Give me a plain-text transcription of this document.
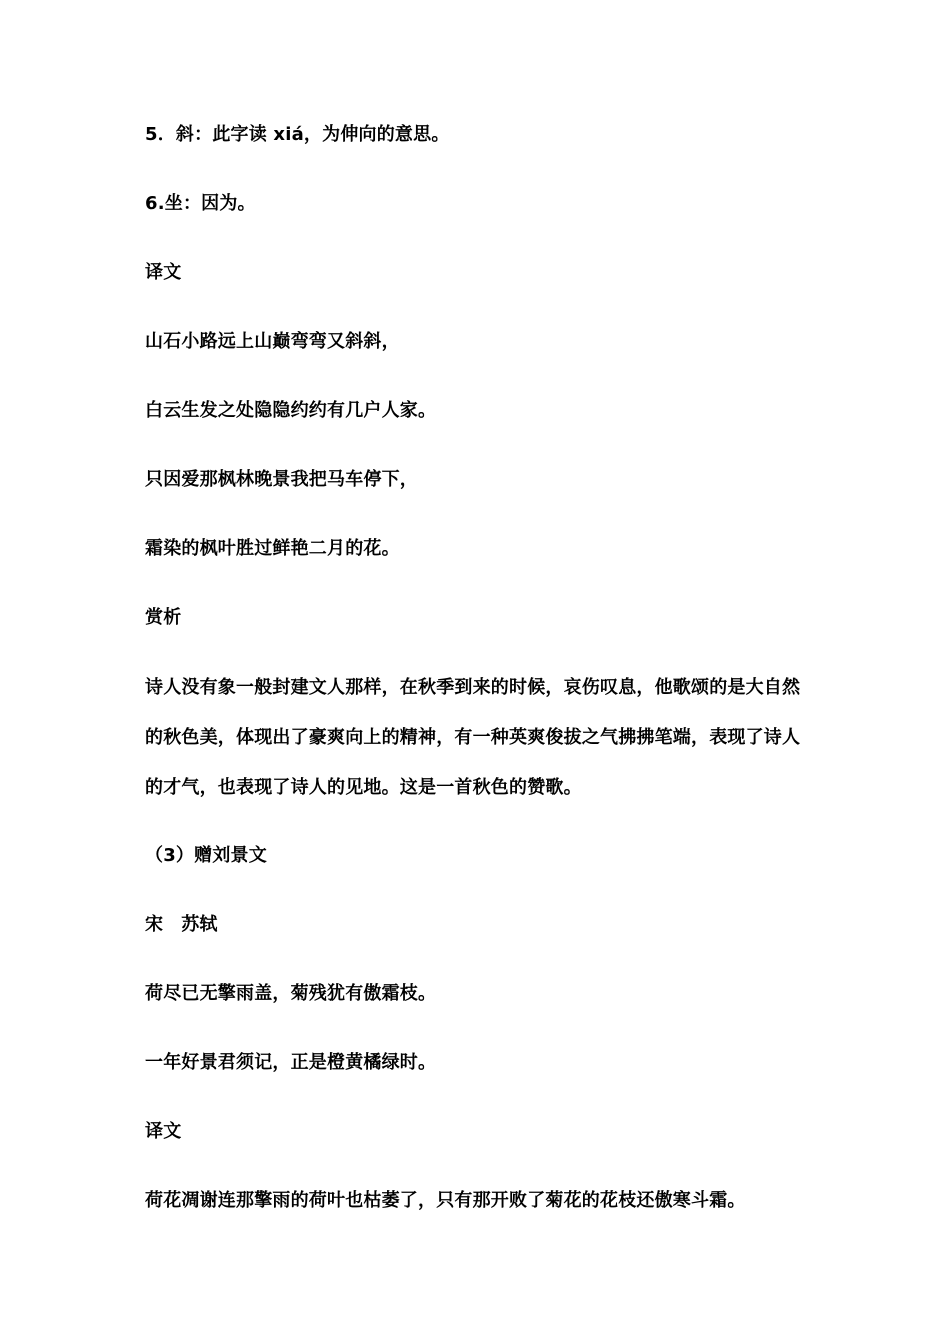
5．斜：此字读 xiá，为伸向的意思。
6.坐：因为。
译文
山石小路远上山巅弯弯又斜斜，
白云生发之处隐隐约约有几户人家。
只因爱那枫林晚景我把马车停下，
霜染的枫叶胜过鲜艳二月的花。
赏析
诗人没有象一般封建文人那样，在秋季到来的时候，哀伤叹息，他歌颂的是大自然的秋色美，体现出了豪爽向上的精神，有一种英爽俊拔之气拂拂笔端，表现了诗人的才气，也表现了诗人的见地。这是一首秋色的赞歌。
（3）赠刘景文
宋 苏轼
荷尽已无擎雨盖，菊残犹有傲霜枝。
一年好景君须记，正是橙黄橘绿时。
译文
荷花凋谢连那擎雨的荷叶也枯萎了，只有那开败了菊花的花枝还傲寒斗霜。
